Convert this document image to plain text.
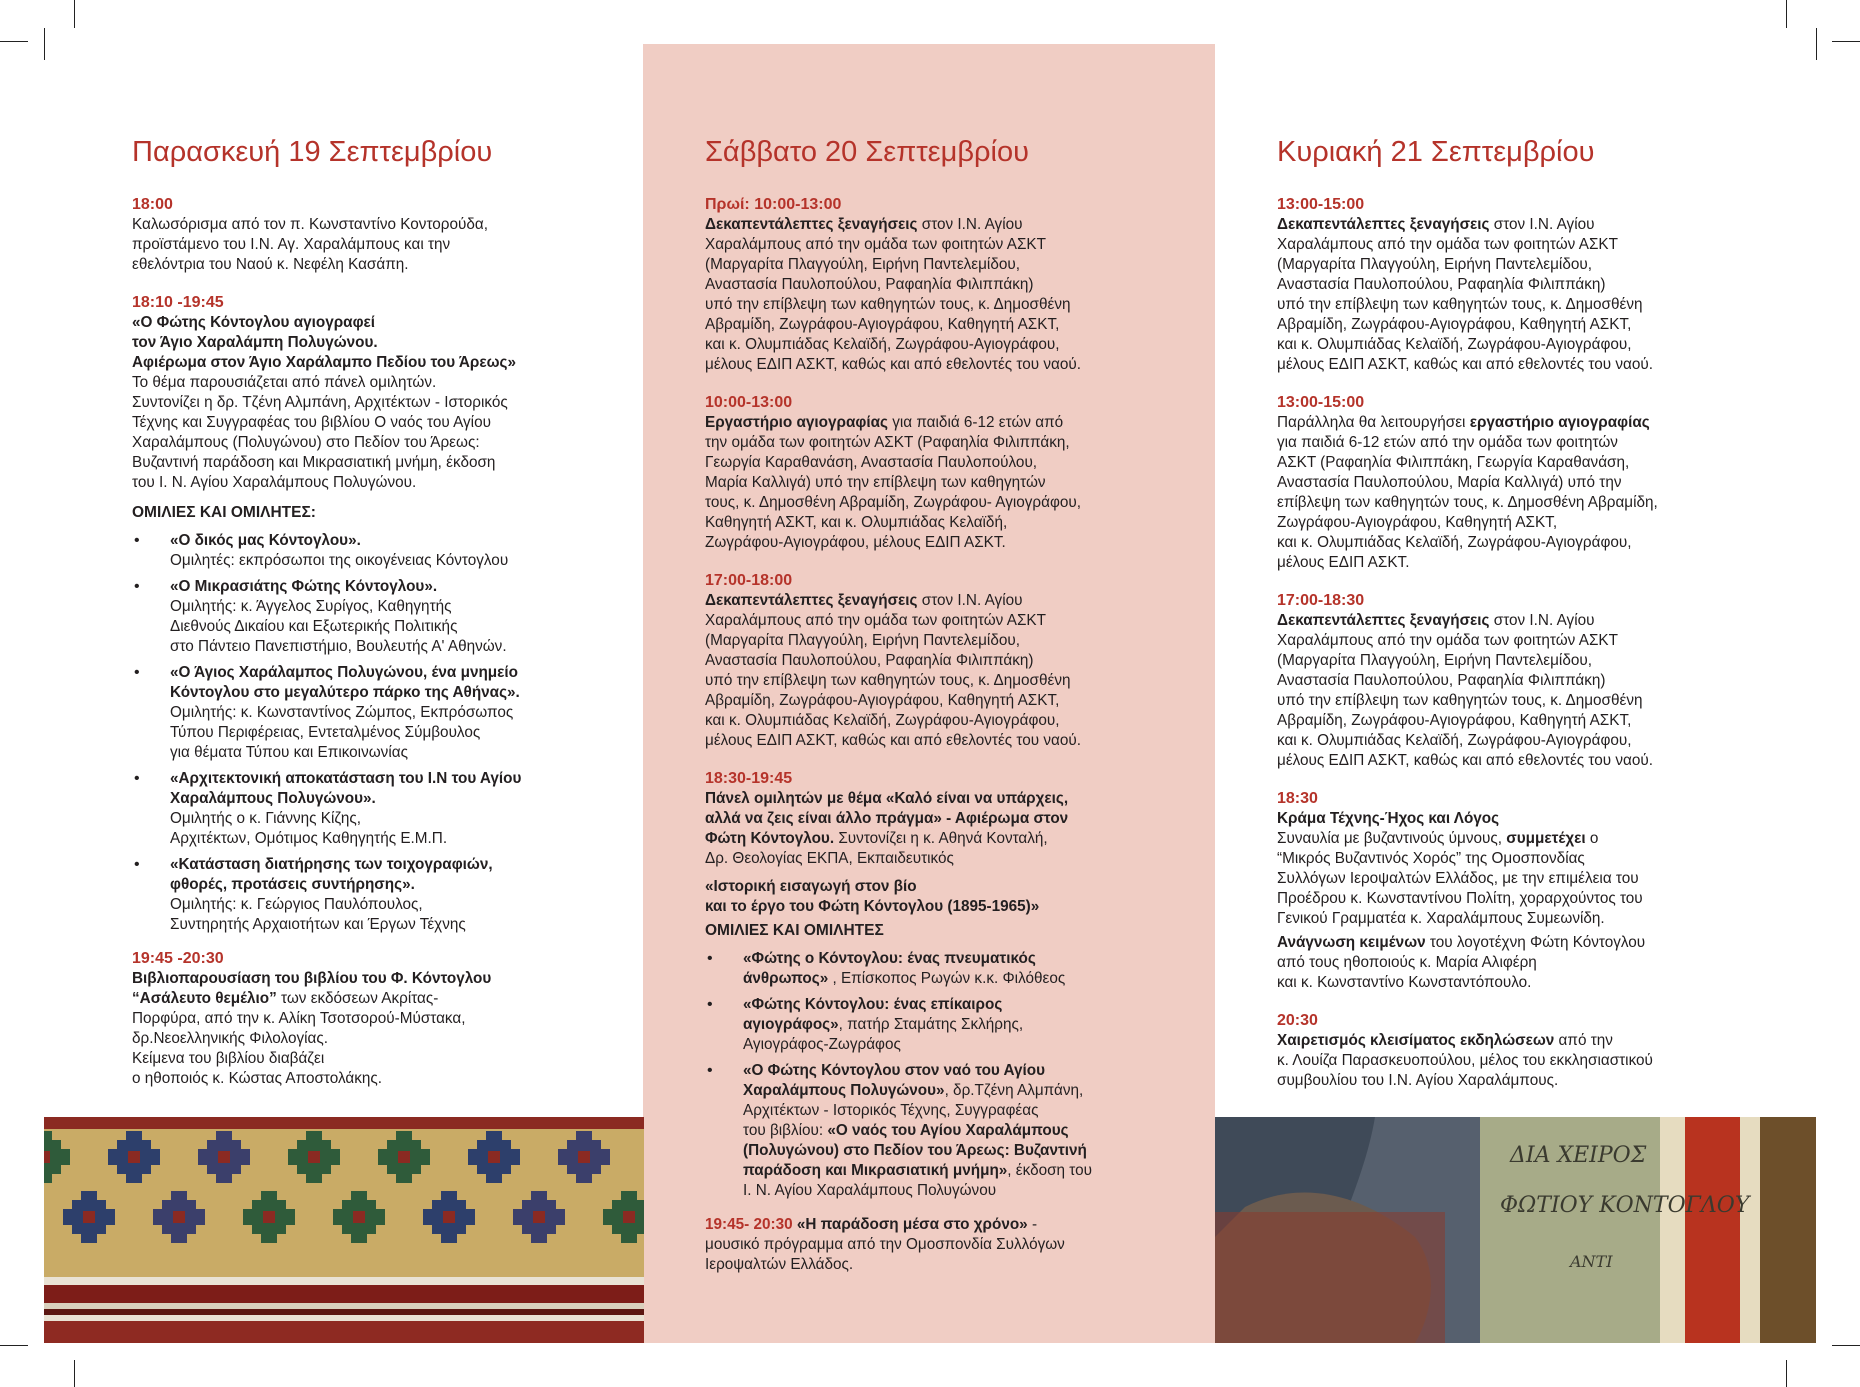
Παρασκευή 19 Σεπτεμβρίου
18:00
Καλωσόρισμα από τον π. Κωνσταντίνο Κοντορούδα,
προϊστάμενο του Ι.Ν. Αγ. Χαραλάμπους και την
εθελόντρια του Ναού κ. Νεφέλη Κασάπη.
18:10 -19:45
«Ο Φώτης Κόντογλου αγιογραφεί
τον Άγιο Χαραλάμπη Πολυγώνου.
Αφιέρωμα στον Άγιο Χαράλαμπο Πεδίου του Άρεως»
Το θέμα παρουσιάζεται από πάνελ ομιλητών.
Συντονίζει η δρ. Τζένη Αλμπάνη, Αρχιτέκτων - Ιστορικός
Τέχνης και Συγγραφέας του βιβλίου Ο ναός του Αγίου
Χαραλάμπους (Πολυγώνου) στο Πεδίον του Άρεως:
Βυζαντινή παράδοση και Μικρασιατική μνήμη, έκδοση
του Ι. Ν. Αγίου Χαραλάμπους Πολυγώνου.
ΟΜΙΛΙΕΣ ΚΑΙ ΟΜΙΛΗΤΕΣ:
• «Ο δικός μας Κόντογλου».
Ομιλητές: εκπρόσωποι της οικογένειας Κόντογλου
• «Ο Μικρασιάτης Φώτης Κόντογλου».
Ομιλητής: κ. Άγγελος Συρίγος, Καθηγητής
Διεθνούς Δικαίου και Εξωτερικής Πολιτικής
στο Πάντειο Πανεπιστήμιο, Βουλευτής Α' Αθηνών.
• «Ο Άγιος Χαράλαμπος Πολυγώνου, ένα μνημείο
Κόντογλου στο μεγαλύτερο πάρκο της Αθήνας».
Ομιλητής: κ. Κωνσταντίνος Ζώμπος, Εκπρόσωπος
Τύπου Περιφέρειας, Εντεταλμένος Σύμβουλος
για θέματα Τύπου και Επικοινωνίας
• «Αρχιτεκτονική αποκατάσταση του Ι.Ν του Αγίου
Χαραλάμπους Πολυγώνου».
Ομιλητής ο κ. Γιάννης Κίζης,
Αρχιτέκτων, Ομότιμος Καθηγητής Ε.Μ.Π.
• «Κατάσταση διατήρησης των τοιχογραφιών,
φθορές, προτάσεις συντήρησης».
Ομιλητής: κ. Γεώργιος Παυλόπουλος,
Συντηρητής Αρχαιοτήτων και Έργων Τέχνης
19:45 -20:30
Βιβλιοπαρουσίαση του βιβλίου του Φ. Κόντογλου
“Ασάλευτο θεμέλιο” των εκδόσεων Ακρίτας-
Πορφύρα, από την κ. Αλίκη Τσοτσορού-Μύστακα,
δρ.Νεοελληνικής Φιλολογίας.
Κείμενα του βιβλίου διαβάζει
ο ηθοποιός κ. Κώστας Αποστολάκης.
Σάββατο 20 Σεπτεμβρίου
Πρωί: 10:00-13:00
Δεκαπεντάλεπτες ξεναγήσεις στον Ι.Ν. Αγίου
Χαραλάμπους από την ομάδα των φοιτητών ΑΣΚΤ
(Μαργαρίτα Πλαγγούλη, Ειρήνη Παντελεμίδου,
Αναστασία Παυλοπούλου, Ραφαηλία Φιλιππάκη)
υπό την επίβλεψη των καθηγητών τους, κ. Δημοσθένη
Αβραμίδη, Ζωγράφου-Αγιογράφου, Καθηγητή ΑΣΚΤ,
και κ. Ολυμπιάδας Κελαϊδή, Ζωγράφου-Αγιογράφου,
μέλους ΕΔΙΠ ΑΣΚΤ, καθώς και από εθελοντές του ναού.
10:00-13:00
Εργαστήριο αγιογραφίας για παιδιά 6-12 ετών από
την ομάδα των φοιτητών ΑΣΚΤ (Ραφαηλία Φιλιππάκη,
Γεωργία Καραθανάση, Αναστασία Παυλοπούλου,
Μαρία Καλλιγά) υπό την επίβλεψη των καθηγητών
τους, κ. Δημοσθένη Αβραμίδη, Ζωγράφου- Αγιογράφου,
Καθηγητή ΑΣΚΤ, και κ. Ολυμπιάδας Κελαϊδή,
Ζωγράφου-Αγιογράφου, μέλους ΕΔΙΠ ΑΣΚΤ.
17:00-18:00
Δεκαπεντάλεπτες ξεναγήσεις στον Ι.Ν. Αγίου
Χαραλάμπους από την ομάδα των φοιτητών ΑΣΚΤ
(Μαργαρίτα Πλαγγούλη, Ειρήνη Παντελεμίδου,
Αναστασία Παυλοπούλου, Ραφαηλία Φιλιππάκη)
υπό την επίβλεψη των καθηγητών τους, κ. Δημοσθένη
Αβραμίδη, Ζωγράφου-Αγιογράφου, Καθηγητή ΑΣΚΤ,
και κ. Ολυμπιάδας Κελαϊδή, Ζωγράφου-Αγιογράφου,
μέλους ΕΔΙΠ ΑΣΚΤ, καθώς και από εθελοντές του ναού.
18:30-19:45
Πάνελ ομιλητών με θέμα «Καλό είναι να υπάρχεις,
αλλά να ζεις είναι άλλο πράγμα» - Αφιέρωμα στον
Φώτη Κόντογλου. Συντονίζει η κ. Αθηνά Κονταλή,
Δρ. Θεολογίας ΕΚΠΑ, Εκπαιδευτικός
«Ιστορική εισαγωγή στον βίο
και το έργο του Φώτη Κόντογλου (1895-1965)»
ΟΜΙΛΙΕΣ ΚΑΙ ΟΜΙΛΗΤΕΣ
• «Φώτης ο Κόντογλου: ένας πνευματικός
άνθρωπος» , Επίσκοπος Ρωγών κ.κ. Φιλόθεος
• «Φώτης Κόντογλου: ένας επίκαιρος
αγιογράφος», πατήρ Σταμάτης Σκλήρης,
Αγιογράφος-Ζωγράφος
• «Ο Φώτης Κόντογλου στον ναό του Αγίου
Χαραλάμπους Πολυγώνου», δρ.Τζένη Αλμπάνη,
Αρχιτέκτων - Ιστορικός Τέχνης, Συγγραφέας
του βιβλίου: «Ο ναός του Αγίου Χαραλάμπους
(Πολυγώνου) στο Πεδίον του Άρεως: Βυζαντινή
παράδοση και Μικρασιατική μνήμη», έκδοση του
Ι. Ν. Αγίου Χαραλάμπους Πολυγώνου
19:45- 20:30 «Η παράδοση μέσα στο χρόνο» -
μουσικό πρόγραμμα από την Ομοσπονδία Συλλόγων
Ιεροψαλτών Ελλάδος.
Κυριακή 21 Σεπτεμβρίου
13:00-15:00
Δεκαπεντάλεπτες ξεναγήσεις στον Ι.Ν. Αγίου
Χαραλάμπους από την ομάδα των φοιτητών ΑΣΚΤ
(Μαργαρίτα Πλαγγούλη, Ειρήνη Παντελεμίδου,
Αναστασία Παυλοπούλου, Ραφαηλία Φιλιππάκη)
υπό την επίβλεψη των καθηγητών τους, κ. Δημοσθένη
Αβραμίδη, Ζωγράφου-Αγιογράφου, Καθηγητή ΑΣΚΤ,
και κ. Ολυμπιάδας Κελαϊδή, Ζωγράφου-Αγιογράφου,
μέλους ΕΔΙΠ ΑΣΚΤ, καθώς και από εθελοντές του ναού.
13:00-15:00
Παράλληλα θα λειτουργήσει εργαστήριο αγιογραφίας
για παιδιά 6-12 ετών από την ομάδα των φοιτητών
ΑΣΚΤ (Ραφαηλία Φιλιππάκη, Γεωργία Καραθανάση,
Αναστασία Παυλοπούλου, Μαρία Καλλιγά) υπό την
επίβλεψη των καθηγητών τους, κ. Δημοσθένη Αβραμίδη,
Ζωγράφου-Αγιογράφου, Καθηγητή ΑΣΚΤ,
και κ. Ολυμπιάδας Κελαϊδή, Ζωγράφου-Αγιογράφου,
μέλους ΕΔΙΠ ΑΣΚΤ.
17:00-18:30
Δεκαπεντάλεπτες ξεναγήσεις στον Ι.Ν. Αγίου
Χαραλάμπους από την ομάδα των φοιτητών ΑΣΚΤ
(Μαργαρίτα Πλαγγούλη, Ειρήνη Παντελεμίδου,
Αναστασία Παυλοπούλου, Ραφαηλία Φιλιππάκη)
υπό την επίβλεψη των καθηγητών τους, κ. Δημοσθένη
Αβραμίδη, Ζωγράφου-Αγιογράφου, Καθηγητή ΑΣΚΤ,
και κ. Ολυμπιάδας Κελαϊδή, Ζωγράφου-Αγιογράφου,
μέλους ΕΔΙΠ ΑΣΚΤ, καθώς και από εθελοντές του ναού.
18:30
Κράμα Τέχνης-Ήχος και Λόγος
Συναυλία με βυζαντινούς ύμνους, συμμετέχει ο
“Μικρός Βυζαντινός Χορός” της Ομοσπονδίας
Συλλόγων Ιεροψαλτών Ελλάδος, με την επιμέλεια του
Προέδρου κ. Κωνσταντίνου Πολίτη, χοραρχούντος του
Γενικού Γραμματέα κ. Χαραλάμπους Συμεωνίδη.
Ανάγνωση κειμένων του λογοτέχνη Φώτη Κόντογλου
από τους ηθοποιούς κ. Μαρία Αλιφέρη
και κ. Κωνσταντίνο Κωνσταντόπουλο.
20:30
Χαιρετισμός κλεισίματος εκδηλώσεων από την
κ. Λουίζα Παρασκευοπούλου, μέλος του εκκλησιαστικού
συμβουλίου του Ι.Ν. Αγίου Χαραλάμπους.
ΔΙΑ ΧΕΙΡΟΣ
ΦΩΤΙΟΥ ΚΟΝΤΟΓΛΟΥ
ΑΝΤΙ
